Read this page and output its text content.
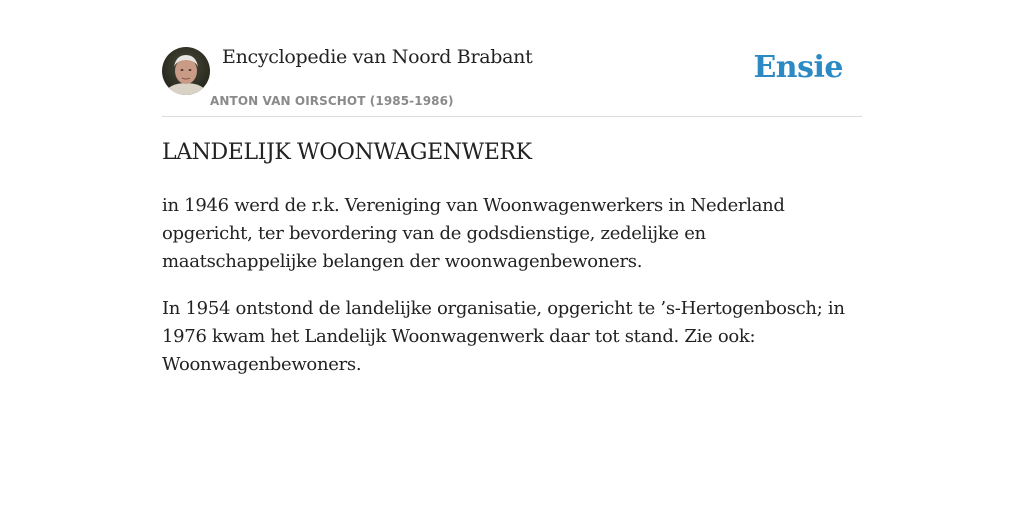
Encyclopedie van Noord Brabant
ANTON VAN OIRSCHOT (1985-1986)
Ensie
LANDELIJK WOONWAGENWERK

in 1946 werd de r.k. Vereniging van Woonwagenwerkers in Nederland opgericht, ter bevordering van de godsdienstige, zedelijke en maatschappelijke belangen der woonwagenbewoners.

In 1954 ontstond de landelijke organisatie, opgericht te ’s-Hertogenbosch; in 1976 kwam het Landelijk Woonwagenwerk daar tot stand. Zie ook: Woonwagenbewoners.
